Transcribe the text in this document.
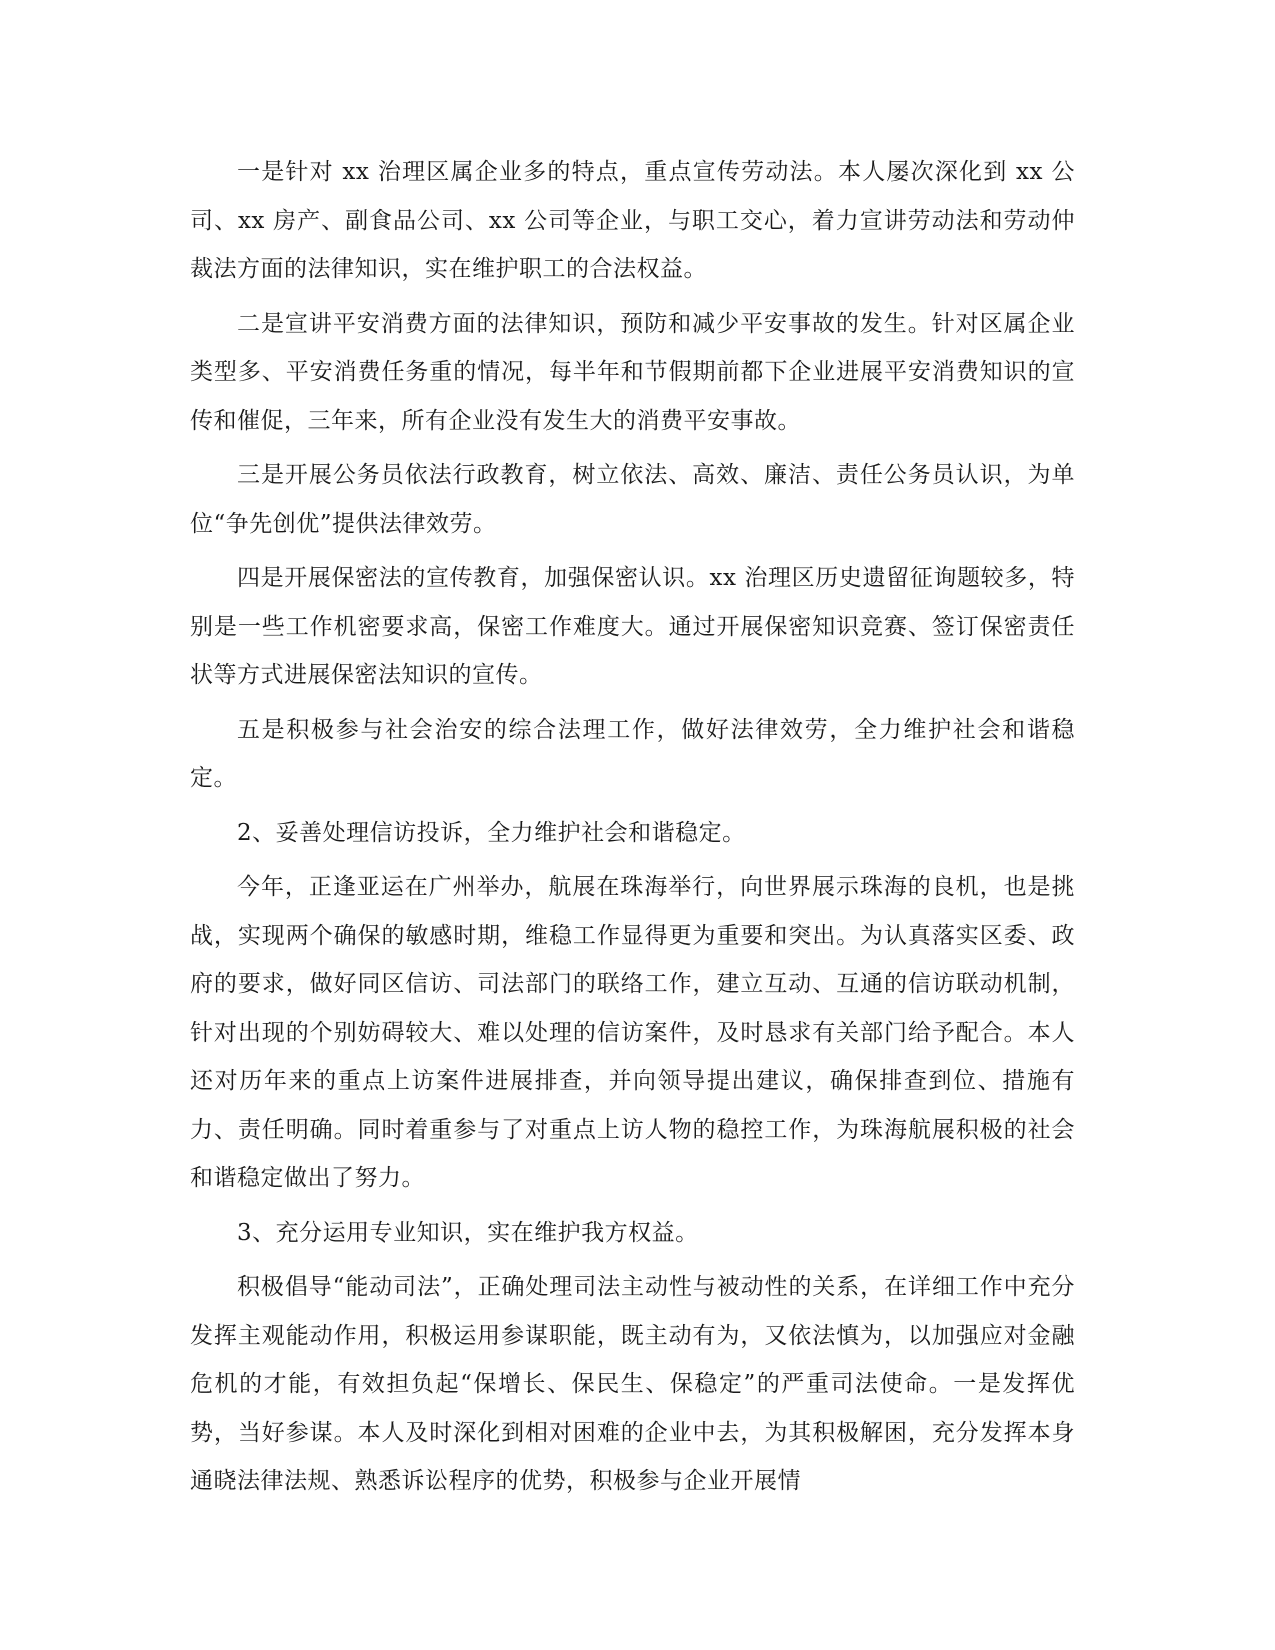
一是针对 xx 治理区属企业多的特点，重点宣传劳动法。本人屡次深化到 xx 公司、xx 房产、副食品公司、xx 公司等企业，与职工交心，着力宣讲劳动法和劳动仲裁法方面的法律知识，实在维护职工的合法权益。

二是宣讲平安消费方面的法律知识，预防和减少平安事故的发生。针对区属企业类型多、平安消费任务重的情况，每半年和节假期前都下企业进展平安消费知识的宣传和催促，三年来，所有企业没有发生大的消费平安事故。

三是开展公务员依法行政教育，树立依法、高效、廉洁、责任公务员认识，为单位“争先创优”提供法律效劳。

四是开展保密法的宣传教育，加强保密认识。xx 治理区历史遗留征询题较多，特别是一些工作机密要求高，保密工作难度大。通过开展保密知识竞赛、签订保密责任状等方式进展保密法知识的宣传。

五是积极参与社会治安的综合法理工作，做好法律效劳，全力维护社会和谐稳定。

2、妥善处理信访投诉，全力维护社会和谐稳定。

今年，正逢亚运在广州举办，航展在珠海举行，向世界展示珠海的良机，也是挑战，实现两个确保的敏感时期，维稳工作显得更为重要和突出。为认真落实区委、政府的要求，做好同区信访、司法部门的联络工作，建立互动、互通的信访联动机制，针对出现的个别妨碍较大、难以处理的信访案件，及时恳求有关部门给予配合。本人还对历年来的重点上访案件进展排查，并向领导提出建议，确保排查到位、措施有力、责任明确。同时着重参与了对重点上访人物的稳控工作，为珠海航展积极的社会和谐稳定做出了努力。

3、充分运用专业知识，实在维护我方权益。

积极倡导“能动司法”，正确处理司法主动性与被动性的关系，在详细工作中充分发挥主观能动作用，积极运用参谋职能，既主动有为，又依法慎为，以加强应对金融危机的才能，有效担负起“保增长、保民生、保稳定”的严重司法使命。一是发挥优势，当好参谋。本人及时深化到相对困难的企业中去，为其积极解困，充分发挥本身通晓法律法规、熟悉诉讼程序的优势，积极参与企业开展情
